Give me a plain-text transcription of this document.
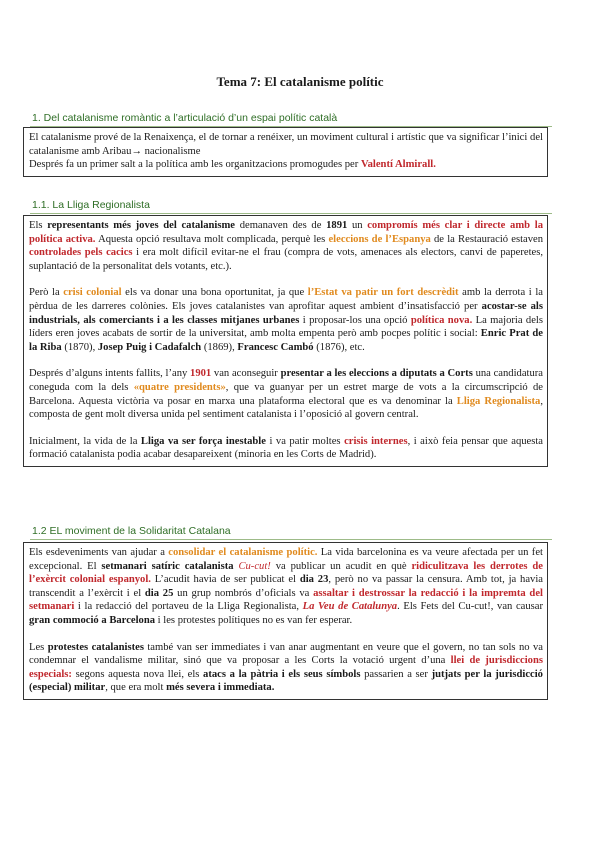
Tema 7: El catalanisme polític
1. Del catalanisme romàntic a l’articulació d’un espai polític català

El catalanisme prové de la Renaixença, el de tornar a renéixer, un moviment cultural i artístic que va significar l’inici del catalanisme amb Aribau→ nacionalisme
Després fa un primer salt a la política amb les organitzacions promogudes per Valentí Almirall.

1.1. La Lliga Regionalista

Els representants més joves del catalanisme demanaven des de 1891 un compromís més clar i directe amb la política activa. Aquesta opció resultava molt complicada, perquè les eleccions de l’Espanya de la Restauració estaven controlades pels cacics i era molt difícil evitar-ne el frau (compra de vots, amenaces als electors, canvi de paperetes, suplantació de la personalitat dels votants, etc.).

Però la crisi colonial els va donar una bona oportunitat, ja que l’Estat va patir un fort descrèdit amb la derrota i la pèrdua de les darreres colònies. Els joves catalanistes van aprofitar aquest ambient d’insatisfacció per acostar-se als industrials, als comerciants i a les classes mitjanes urbanes i proposar-los una opció política nova. La majoria dels líders eren joves acabats de sortir de la universitat, amb molta empenta però amb pocpes polític i social: Enric Prat de la Riba (1870), Josep Puig i Cadafalch (1869), Francesc Cambó (1876), etc.

Després d’alguns intents fallits, l’any 1901 van aconseguir presentar a les eleccions a diputats a Corts una candidatura coneguda com la dels «quatre presidents», que va guanyar per un estret marge de vots a la circumscripció de Barcelona. Aquesta victòria va posar en marxa una plataforma electoral que es va denominar la Lliga Regionalista, composta de gent molt diversa unida pel sentiment catalanista i l’oposició al govern central.

Inicialment, la vida de la Lliga va ser força inestable i va patir moltes crisis internes, i això feia pensar que aquesta formació catalanista podia acabar desapareixent (minoria en les Corts de Madrid).

1.2 EL moviment de la Solidaritat Catalana

Els esdeveniments van ajudar a consolidar el catalanisme polític. La vida barcelonina es va veure afectada per un fet excepcional. El setmanari satíric catalanista Cu-cut! va publicar un acudit en què ridiculitzava les derrotes de l’exèrcit colonial espanyol. L’acudit havia de ser publicat el dia 23, però no va passar la censura. Amb tot, ja havia transcendit a l’exèrcit i el dia 25 un grup nombrós d’oficials va assaltar i destrossar la redacció i la impremta del setmanari i la redacció del portaveu de la Lliga Regionalista, La Veu de Catalunya. Els Fets del Cu-cut!, van causar gran commoció a Barcelona i les protestes polítiques no es van fer esperar.

Les protestes catalanistes també van ser immediates i van anar augmentant en veure que el govern, no tan sols no va condemnar el vandalisme militar, sinó que va proposar a les Corts la votació urgent d’una llei de jurisdiccions especials: segons aquesta nova llei, els atacs a la pàtria i els seus símbols passarien a ser jutjats per la jurisdicció (especial) militar, que era molt més severa i immediata.
